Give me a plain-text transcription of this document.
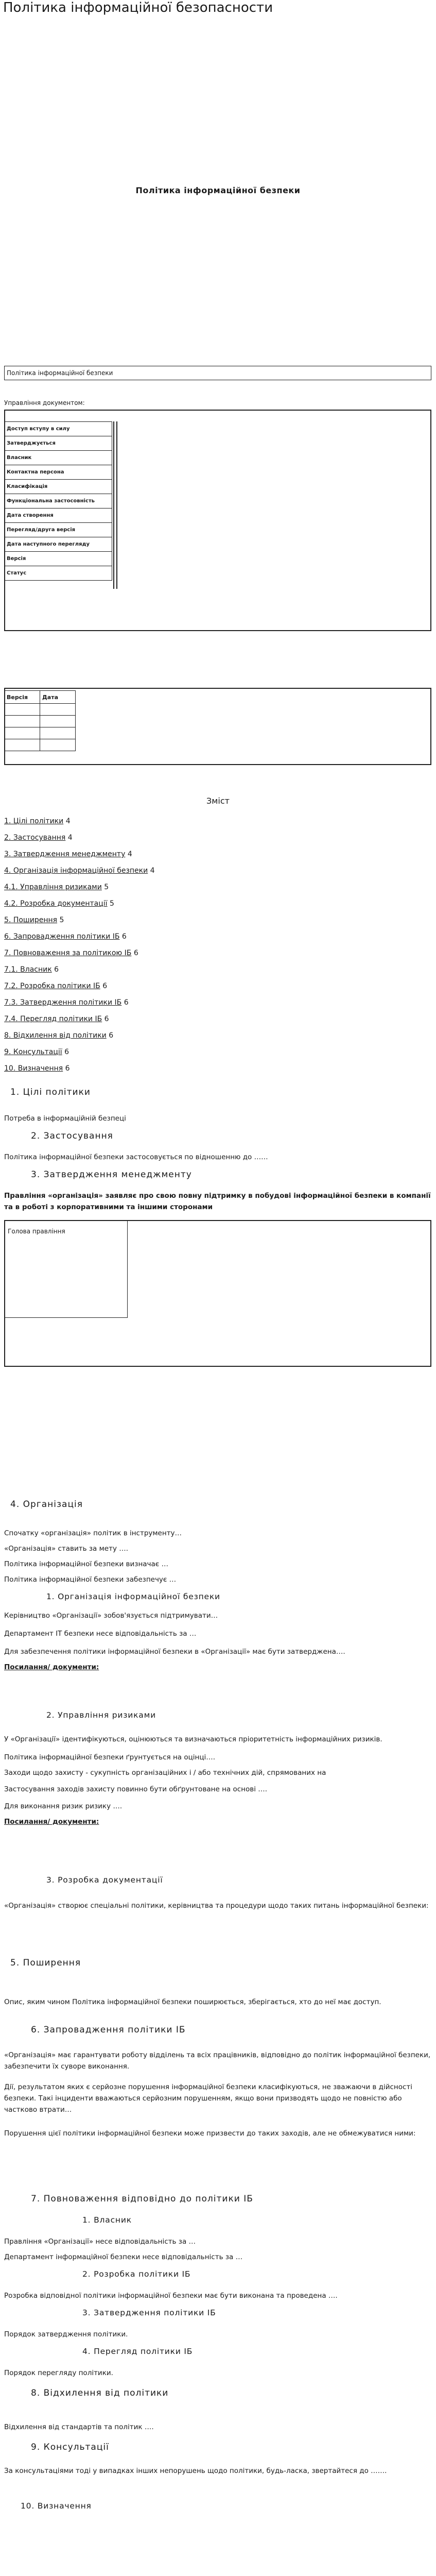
Політика інформаційної безопасности
Політика інформаційної безпеки
Політика інформаційної безпеки
Управління документом:
Доступ вступу в силу
Затверджується
Власник
Контактна персона
Класифікація
Функціональна застосовність
Дата створення
Перегляд/друга версія
Дата наступного перегляду
Версія
Статус
Версія	Дата

Зміст
1. Цілі політики 4
2. Застосування 4
3. Затвердження менеджменту 4
4. Організація інформаційної безпеки 4
4.1. Управління ризиками 5
4.2. Розробка документації 5
5. Поширення 5
6. Запровадження політики ІБ 6
7. Повноваження за політикою ІБ 6
7.1. Власник 6
7.2. Розробка політики ІБ 6
7.3. Затвердження політики ІБ 6
7.4. Перегляд політики ІБ 6
8. Відхилення від політики 6
9. Консультації 6
10. Визначення 6
1. Цілі політики
Потреба в інформаційній безпеці
2. Застосування
Політика інформаційної безпеки застосовується по відношенню до ……
3. Затвердження менеджменту
Правління «організація» заявляє про свою повну підтримку в побудові інформаційної безпеки в компанії та в роботі з корпоративними та іншими сторонами
Голова правління
4. Організація
Спочатку «організація» політик в інструменту…
«Організація» ставить за мету ….
Політика інформаційної безпеки визначає …
Політика інформаційної безпеки забезпечує …
1. Організація інформаційної безпеки
Керівництво «Організації» зобов'язується підтримувати…
Департамент ІТ безпеки несе відповідальність за …
Для забезпечення політики інформаційної безпеки в «Організації» має бути затверджена….
Посилання/ документи:
2. Управління ризиками
У «Організації» ідентифікуються, оцінюються та визначаються пріоритетність інформаційних ризиків.
Політика інформаційної безпеки ґрунтується на оцінці….
Заходи щодо захисту - сукупність організаційних і / або технічних дій, спрямованих на
Застосування заходів захисту повинно бути обґрунтоване на основі ….
Для виконання ризик ризику ….
Посилання/ документи:
3. Розробка документації
«Організація» створює спеціальні політики, керівництва та процедури щодо таких питань інформаційної безпеки:
5. Поширення
Опис, яким чином Політика інформаційної безпеки поширюється, зберігається, хто до неї має доступ.
6. Запровадження політики ІБ
«Організація» має гарантувати роботу відділень та всіх працівників, відповідно до політик інформаційної безпеки, забезпечити їх суворе виконання.
Дії, результатом яких є серйозне порушення інформаційної безпеки класифікуються, не зважаючи в дійсності безпеки. Такі інциденти вважаються серйозним порушенням, якщо вони призводять щодо не повністю або частково втрати…
Порушення цієї політики інформаційної безпеки може призвести до таких заходів, але не обмежуватися ними:
7. Повноваження відповідно до політики ІБ
1. Власник
Правління «Організації» несе відповідальність за …
Департамент інформаційної безпеки несе відповідальність за …
2. Розробка політики ІБ
Розробка відповідної політики інформаційної безпеки має бути виконана та проведена ….
3. Затвердження політики ІБ
Порядок затвердження політики.
4. Перегляд політики ІБ
Порядок перегляду політики.
8. Відхилення від політики
Відхилення від стандартів та політик ….
9. Консультації
За консультаціями тоді у випадках інших непорушень щодо політики, будь-ласка, звертайтеся до …….
10. Визначення
